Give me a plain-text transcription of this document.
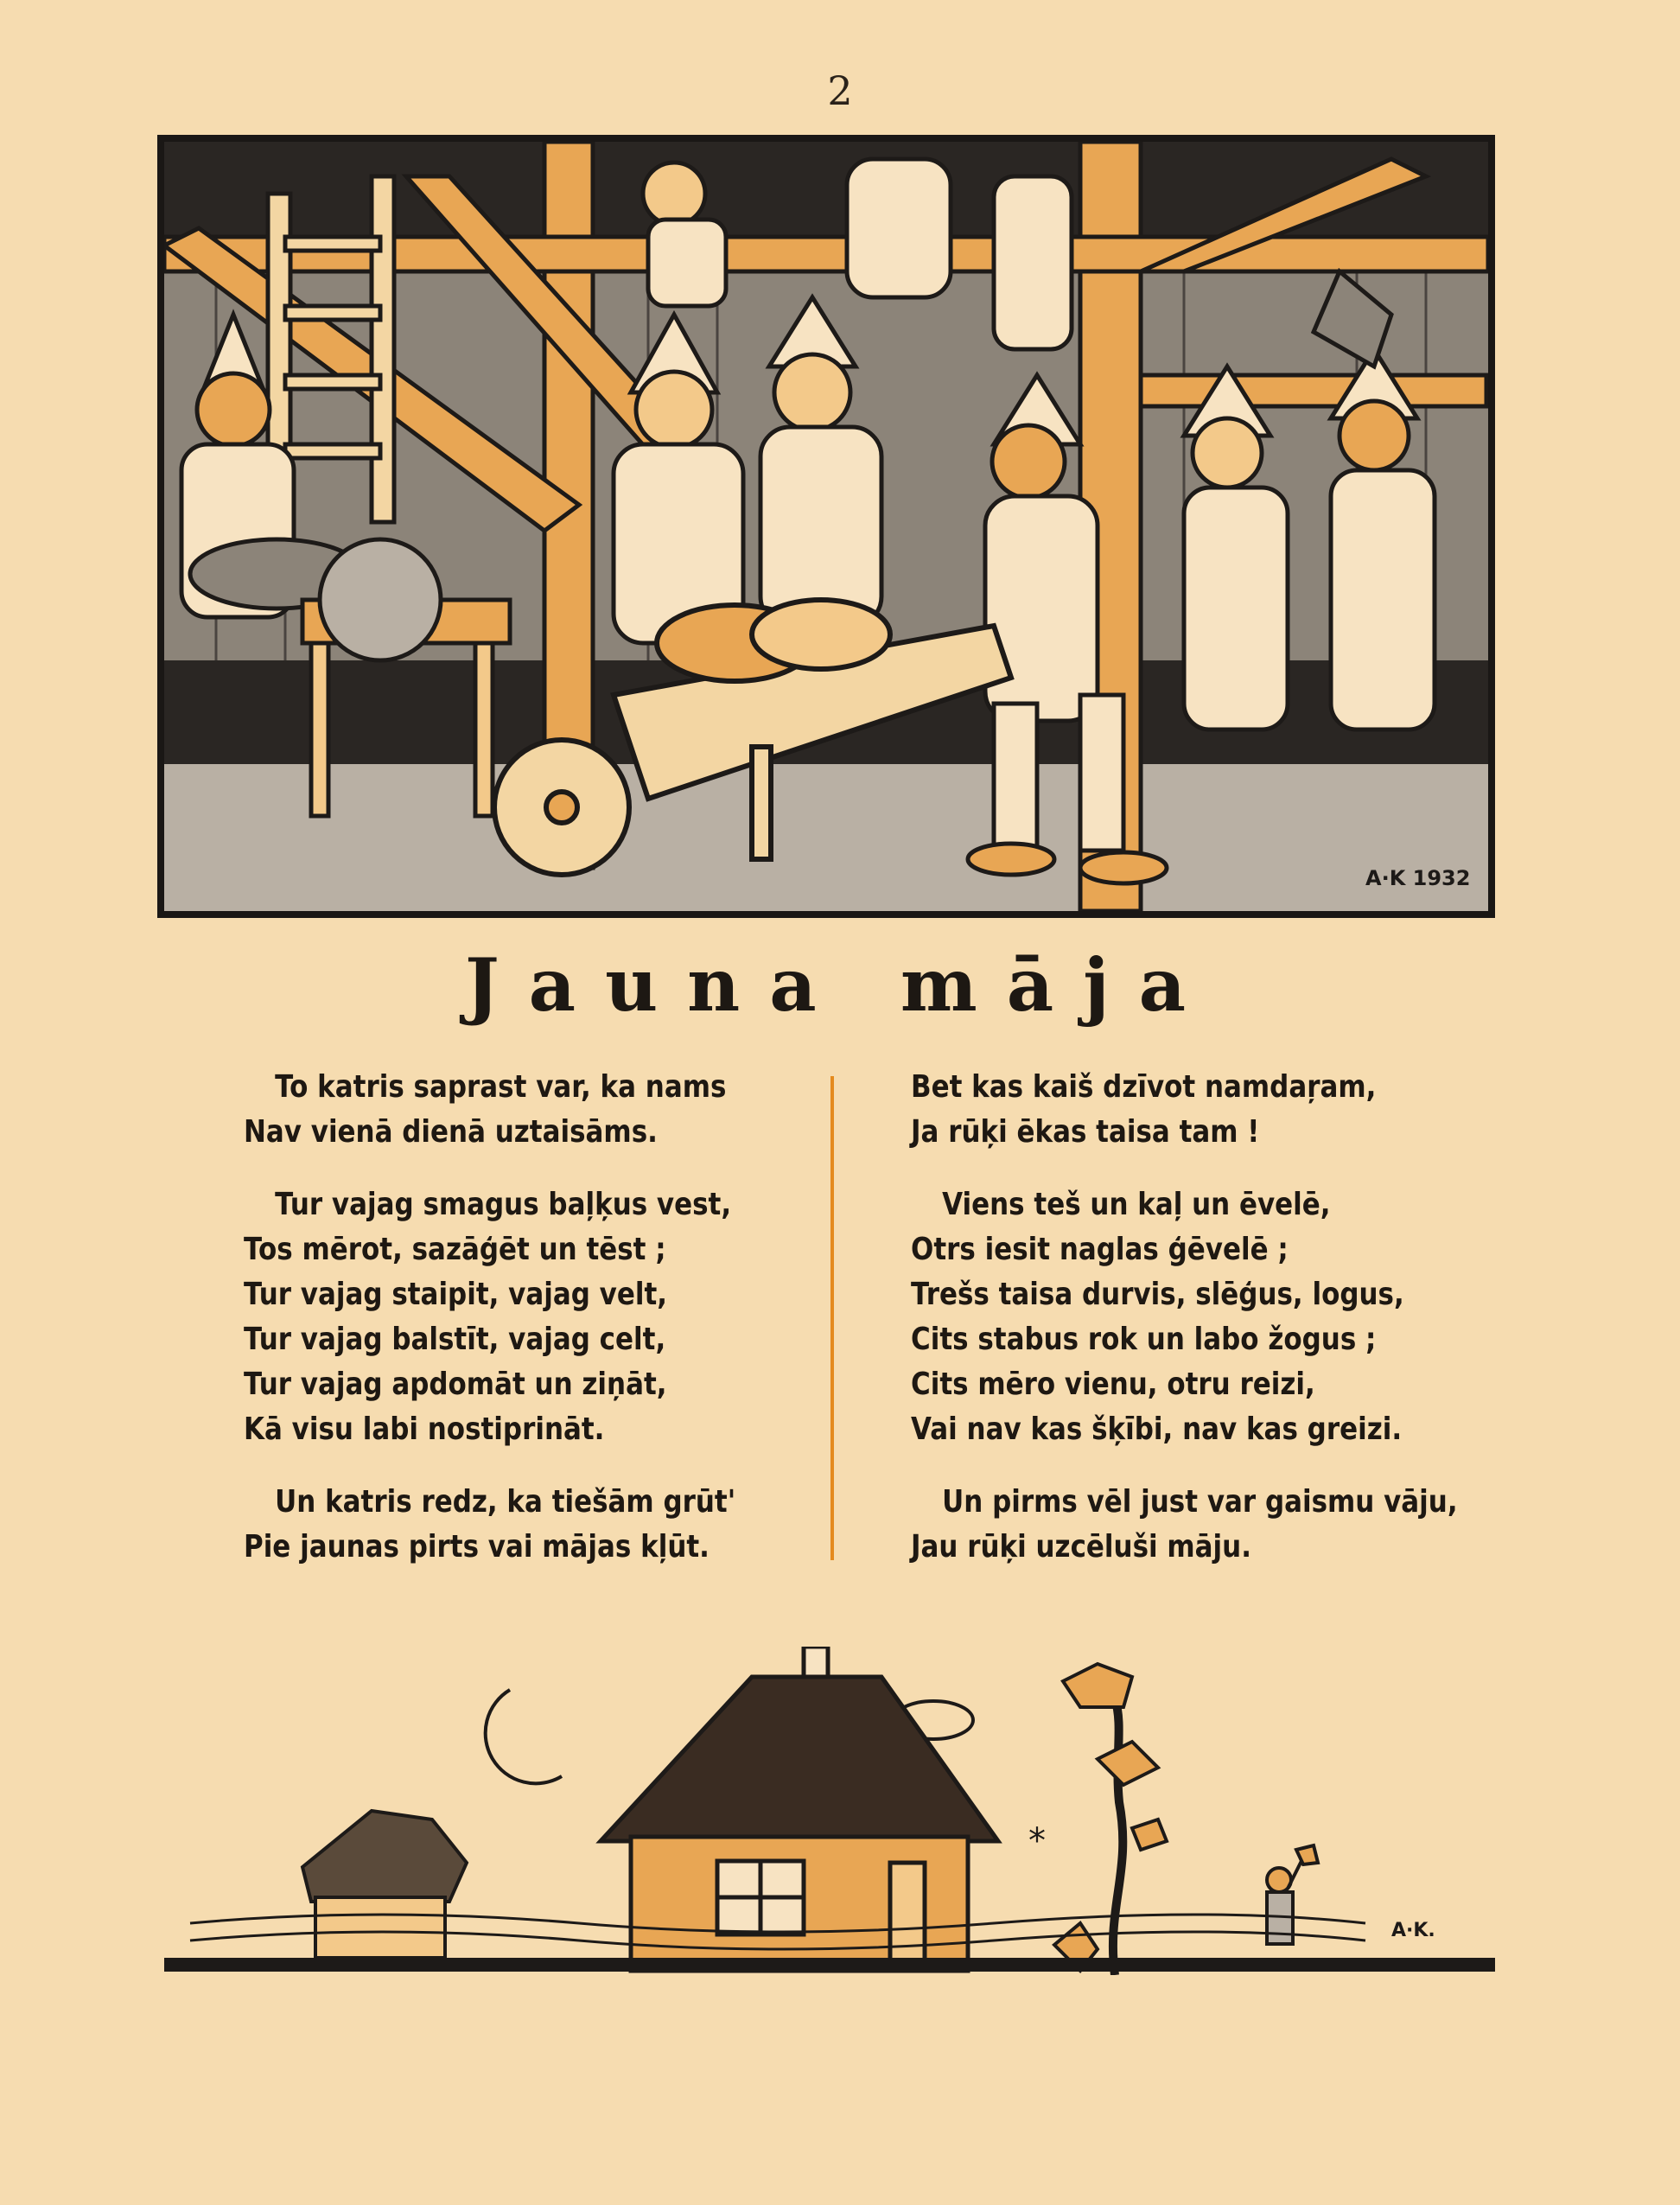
2
A·K 1932
Jauna māja
To katris saprast var, ka nams
Nav vienā dienā uztaisāms.
Tur vajag smagus baļķus vest,
Tos mērot, sazāģēt un tēst ;
Tur vajag staipit, vajag velt,
Tur vajag balstīt, vajag celt,
Tur vajag apdomāt un ziņāt,
Kā visu labi nostiprināt.
Un katris redz, ka tiešām grūt'
Pie jaunas pirts vai mājas kļūt.
Bet kas kaiš dzīvot namdaŗam,
Ja rūķi ēkas taisa tam !
Viens teš un kaļ un ēvelē,
Otrs iesit naglas ģēvelē ;
Trešs taisa durvis, slēģus, logus,
Cits stabus rok un labo žogus ;
Cits mēro vienu, otru reizi,
Vai nav kas šķībi, nav kas greizi.
Un pirms vēl just var gaismu vāju,
Jau rūķi uzcēluši māju.
*
A·K.
